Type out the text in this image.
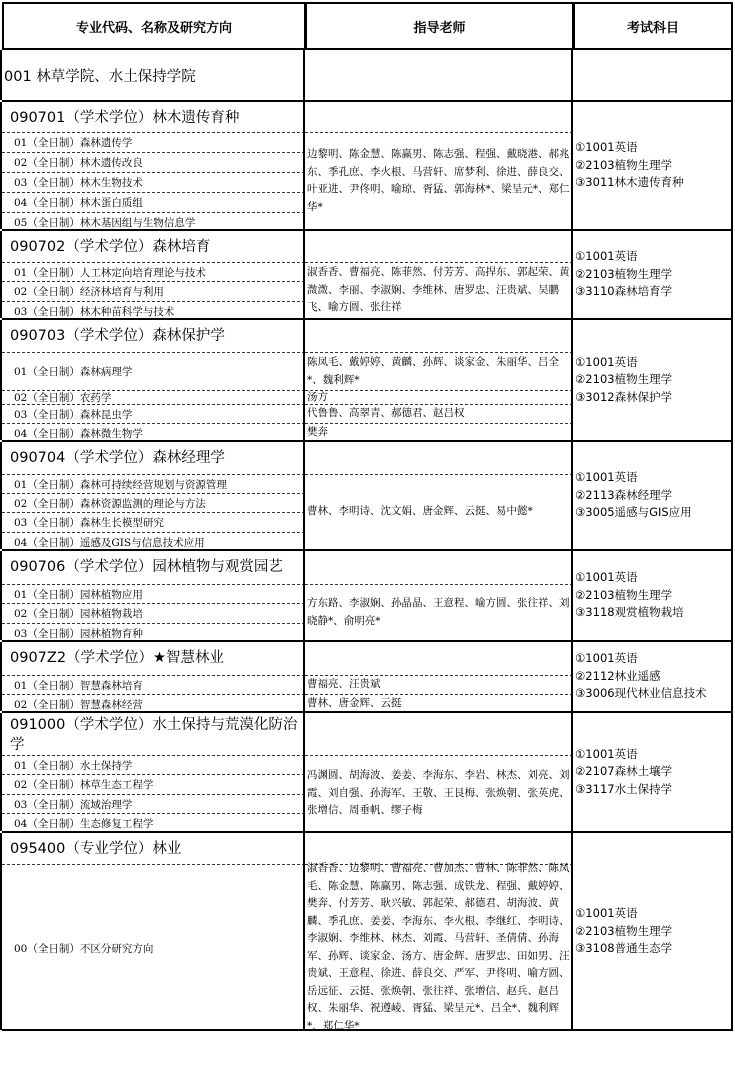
专业代码、名称及研究方向	指导老师	考试科目
001 林草学院、水土保持学院
090701（学术学位）林木遗传育种
01（全日制）森林遗传学
02（全日制）林木遗传改良
03（全日制）林木生物技术
04（全日制）林木蛋白质组
05（全日制）林木基因组与生物信息学
边黎明、陈金慧、陈赢男、陈志强、程强、戴晓港、郝兆东、季孔庶、李火根、马营轩、席梦利、徐进、薛良交、叶亚进、尹佟明、喻琼、胥猛、郭海林*、梁呈元*、郑仁华*
①1001英语
②2103植物生理学
③3011林木遗传育种
090702（学术学位）森林培育
01（全日制）人工林定向培育理论与技术
02（全日制）经济林培育与利用
03（全日制）林木种苗科学与技术
淑香香、曹福亮、陈菲然、付芳芳、高捍东、郭起荣、黄溦溦、李丽、李淑娴、李维林、唐罗忠、汪贵斌、吴鹏飞、喻方圆、张往祥
①1001英语
②2103植物生理学
③3110森林培育学
090703（学术学位）森林保护学
01（全日制）森林病理学
02（全日制）农药学
03（全日制）森林昆虫学
04（全日制）森林微生物学
陈凤毛、戴婷婷、黄麟、孙辉、谈家金、朱丽华、吕全*、魏利辉*
汤方
代鲁鲁、高翠青、郝德君、赵吕权
樊奔
①1001英语
②2103植物生理学
③3012森林保护学
090704（学术学位）森林经理学
01（全日制）森林可持续经营规划与资源管理
02（全日制）森林资源监测的理论与方法
03（全日制）森林生长模型研究
04（全日制）遥感及GIS与信息技术应用
曹林、李明诗、沈文娟、唐金辉、云挺、易中懿*
①1001英语
②2113森林经理学
③3005遥感与GIS应用
090706（学术学位）园林植物与观赏园艺
01（全日制）园林植物应用
02（全日制）园林植物栽培
03（全日制）园林植物育种
方东路、李淑娴、孙晶晶、王意程、喻方圆、张往祥、刘晓静*、俞明亮*
①1001英语
②2103植物生理学
③3118观赏植物栽培
0907Z2（学术学位）★智慧林业
01（全日制）智慧森林培育
02（全日制）智慧森林经营
曹福亮、汪贵斌
曹林、唐金辉、云挺
①1001英语
②2112林业遥感
③3006现代林业信息技术
091000（学术学位）水土保持与荒漠化防治学
01（全日制）水土保持学
02（全日制）林草生态工程学
03（全日制）流域治理学
04（全日制）生态修复工程学
冯渊圆、胡海波、姜姜、李海东、李岩、林杰、刘亮、刘霞、刘自强、孙海军、王敬、王艮梅、张焕朝、张英虎、张增信、周垂帆、缪子梅
①1001英语
②2107森林土壤学
③3117水土保持学
095400（专业学位）林业
00（全日制）不区分研究方向
淑香香、边黎明、曹福亮、曹加杰、曹林、陈菲然、陈凤毛、陈金慧、陈赢男、陈志强、成铁龙、程强、戴婷婷、樊奔、付芳芳、耿兴敏、郭起荣、郝德君、胡海波、黄麟、季孔庶、姜姜、李海东、李火根、李继红、李明诗、李淑娴、李维林、林杰、刘霞、马营轩、圣倩倩、孙海军、孙辉、谈家金、汤方、唐金辉、唐罗忠、田如男、汪贵斌、王意程、徐进、薛良交、严军、尹佟明、喻方圆、岳远征、云挺、张焕朝、张往祥、张增信、赵兵、赵吕权、朱丽华、祝遵崚、胥猛、梁呈元*、吕全*、魏利辉*、郑仁华*
①1001英语
②2103植物生理学
③3108普通生态学
